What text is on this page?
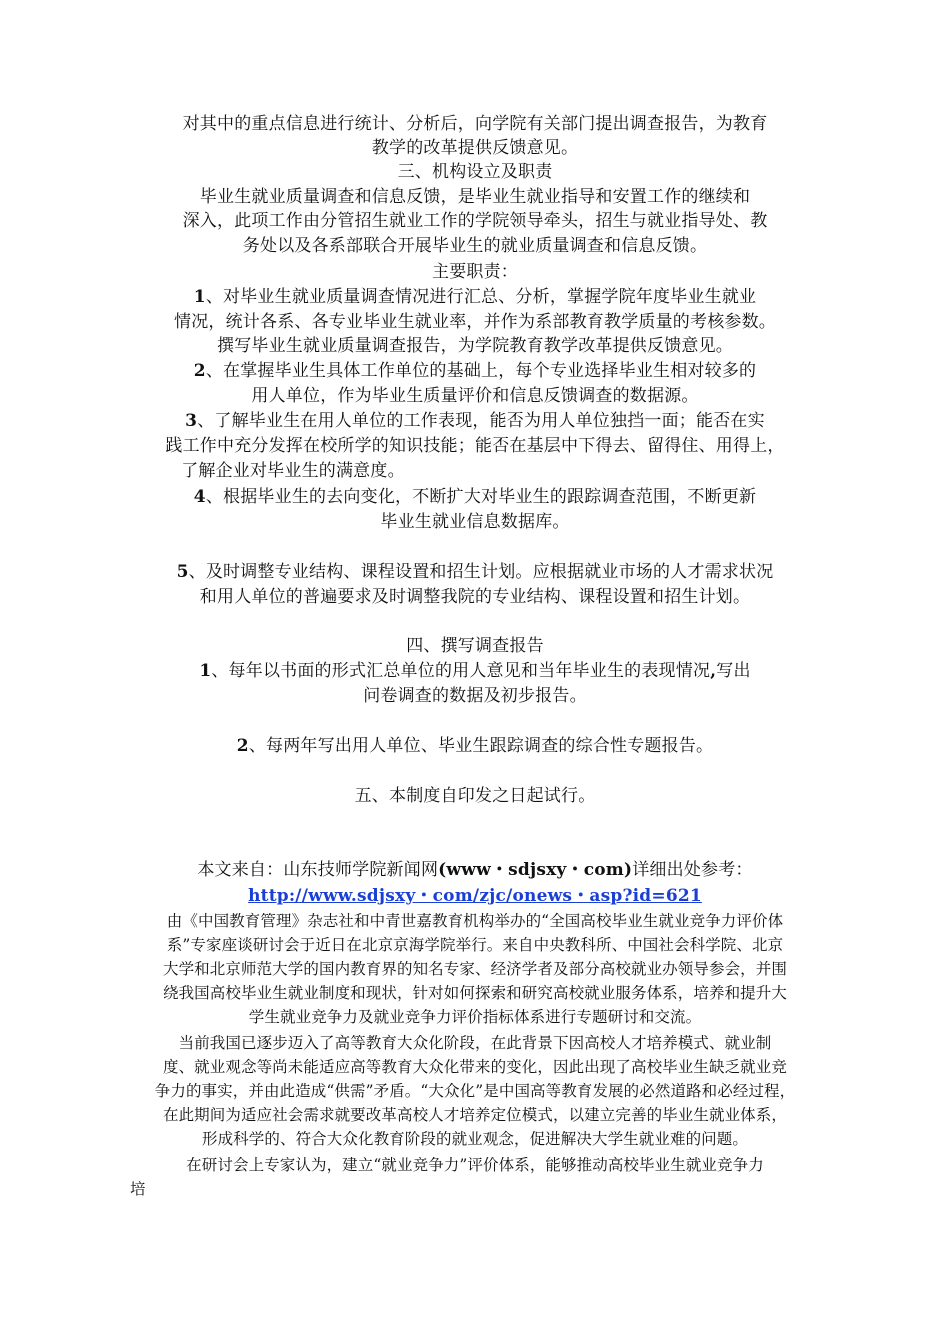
对其中的重点信息进行统计、分析后，向学院有关部门提出调查报告，为教育
教学的改革提供反馈意见。
三、机构设立及职责
毕业生就业质量调查和信息反馈，是毕业生就业指导和安置工作的继续和
深入，此项工作由分管招生就业工作的学院领导牵头，招生与就业指导处、教
务处以及各系部联合开展毕业生的就业质量调查和信息反馈。
主要职责：
1、对毕业生就业质量调查情况进行汇总、分析，掌握学院年度毕业生就业
情况，统计各系、各专业毕业生就业率，并作为系部教育教学质量的考核参数。
撰写毕业生就业质量调查报告，为学院教育教学改革提供反馈意见。
2、在掌握毕业生具体工作单位的基础上，每个专业选择毕业生相对较多的
用人单位，作为毕业生质量评价和信息反馈调查的数据源。
3、了解毕业生在用人单位的工作表现，能否为用人单位独挡一面；能否在实
践工作中充分发挥在校所学的知识技能；能否在基层中下得去、留得住、用得上，
了解企业对毕业生的满意度。
4、根据毕业生的去向变化，不断扩大对毕业生的跟踪调查范围，不断更新
毕业生就业信息数据库。
5、及时调整专业结构、课程设置和招生计划。应根据就业市场的人才需求状况
和用人单位的普遍要求及时调整我院的专业结构、课程设置和招生计划。
四、撰写调查报告
1、每年以书面的形式汇总单位的用人意见和当年毕业生的表现情况,写出
问卷调查的数据及初步报告。
2、每两年写出用人单位、毕业生跟踪调查的综合性专题报告。
五、本制度自印发之日起试行。
本文来自：山东技师学院新闻网(www・sdjsxy・com)详细出处参考：
http://www.sdjsxy・com/zjc/onews・asp?id=621
由《中国教育管理》杂志社和中青世嘉教育机构举办的“全国高校毕业生就业竞争力评价体
系”专家座谈研讨会于近日在北京京海学院举行。来自中央教科所、中国社会科学院、北京
大学和北京师范大学的国内教育界的知名专家、经济学者及部分高校就业办领导参会，并围
绕我国高校毕业生就业制度和现状，针对如何探索和研究高校就业服务体系，培养和提升大
学生就业竞争力及就业竞争力评价指标体系进行专题研讨和交流。
当前我国已逐步迈入了高等教育大众化阶段，在此背景下因高校人才培养模式、就业制
度、就业观念等尚未能适应高等教育大众化带来的变化，因此出现了高校毕业生缺乏就业竞
争力的事实，并由此造成“供需”矛盾。“大众化”是中国高等教育发展的必然道路和必经过程，
在此期间为适应社会需求就要改革高校人才培养定位模式，以建立完善的毕业生就业体系，
形成科学的、符合大众化教育阶段的就业观念，促进解决大学生就业难的问题。
在研讨会上专家认为，建立“就业竞争力”评价体系，能够推动高校毕业生就业竞争力
培
